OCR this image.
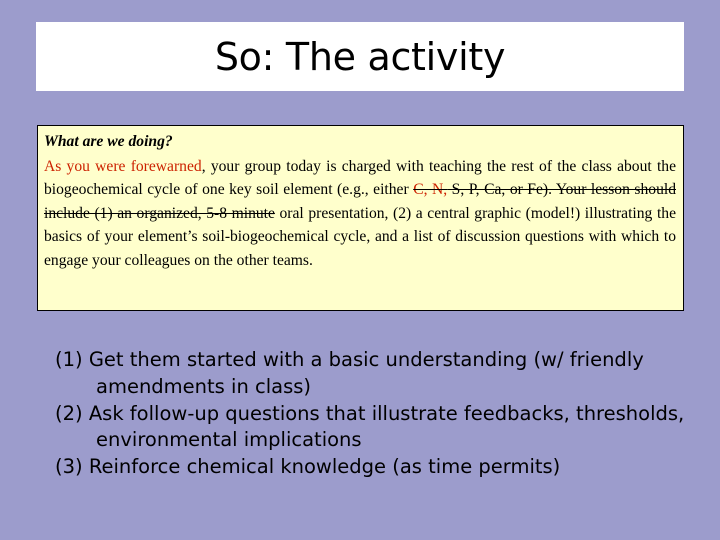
So: The activity
What are we doing?

As you were forewarned, your group today is charged with teaching the rest of the class about the biogeochemical cycle of one key soil element (e.g., either C, N, S, P, Ca, or Fe). Your lesson should include (1) an organized, 5-8 minute oral presentation, (2) a central graphic (model!) illustrating the basics of your element’s soil-biogeochemical cycle, and a list of discussion questions with which to engage your colleagues on the other teams.

(1) Get them started with a basic understanding (w/ friendly amendments in class)
(2) Ask follow-up questions that illustrate feedbacks, thresholds, environmental implications
(3) Reinforce chemical knowledge (as time permits)
